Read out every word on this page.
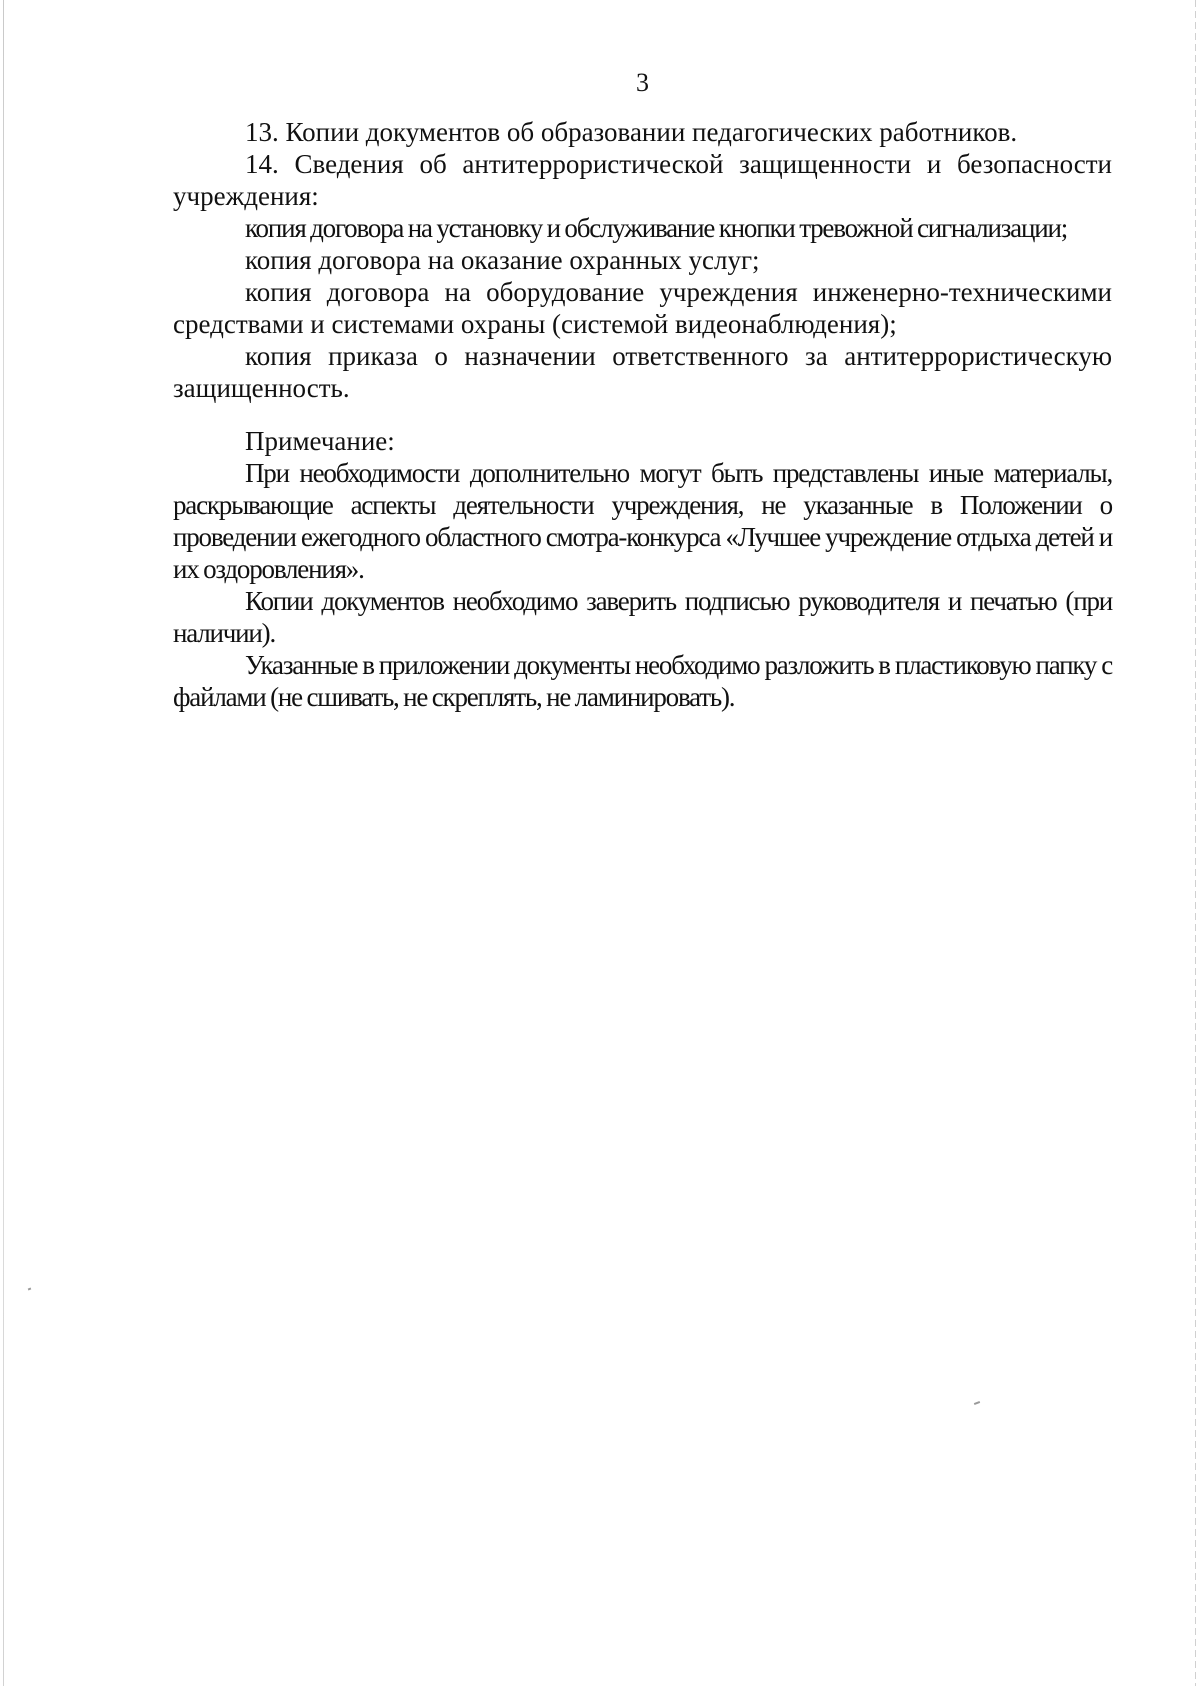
3

13. Копии документов об образовании педагогических работников.

14. Сведения об антитеррористической защищенности и безопасности учреждения:

копия договора на установку и обслуживание кнопки тревожной сигнализации;

копия договора на оказание охранных услуг;

копия договора на оборудование учреждения инженерно-техническими средствами и системами охраны (системой видеонаблюдения);

копия приказа о назначении ответственного за антитеррористическую защищенность.

Примечание:

При необходимости дополнительно могут быть представлены иные материалы, раскрывающие аспекты деятельности учреждения, не указанные в Положении о проведении ежегодного областного смотра-конкурса «Лучшее учреждение отдыха детей и их оздоровления».

Копии документов необходимо заверить подписью руководителя и печатью (при наличии).

Указанные в приложении документы необходимо разложить в пластиковую папку с файлами (не сшивать, не скреплять, не ламинировать).
